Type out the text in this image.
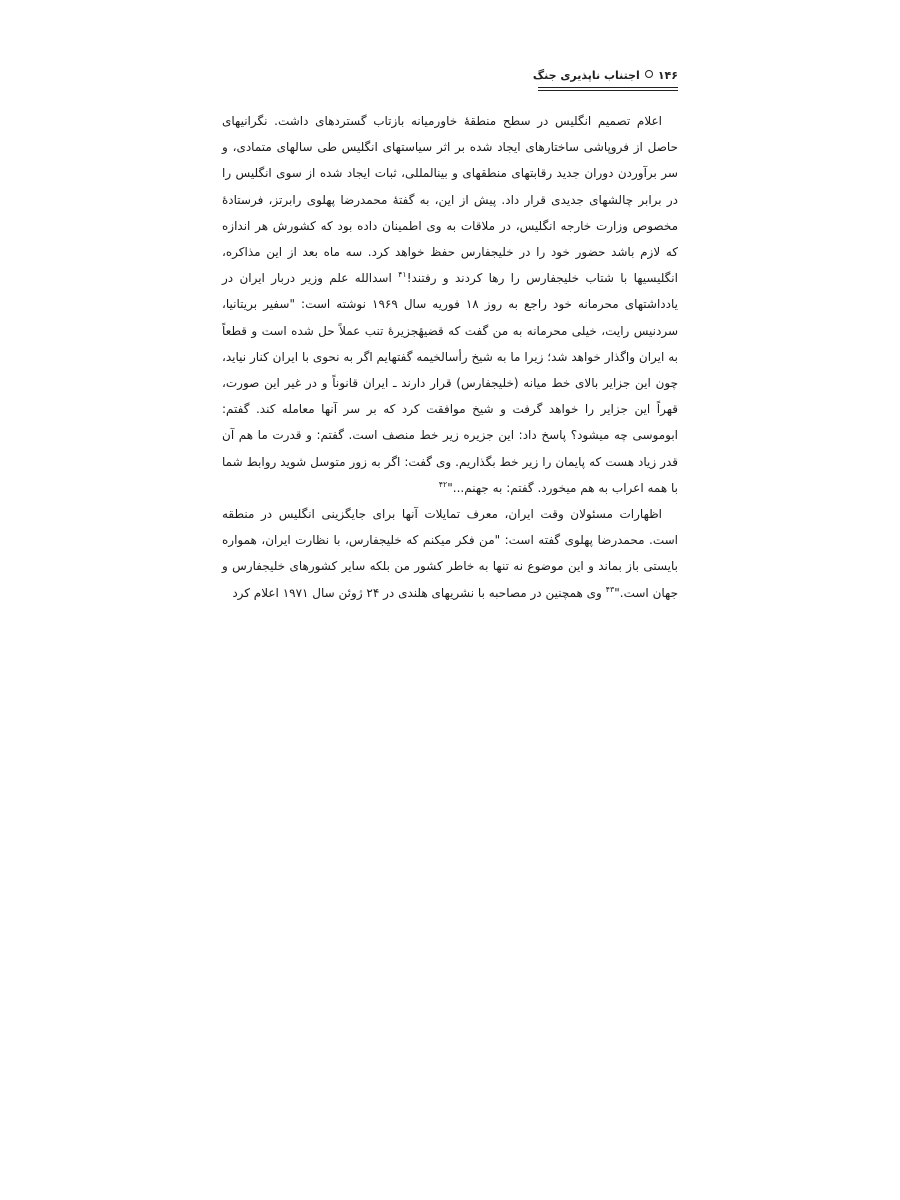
۱۴۶اجتناب ناپذیری جنگ

اعلام تصمیم انگلیس در سطح منطقهٔ خاورمیانه بازتاب گستردهای داشت. نگرانیهای حاصل از فروپاشی ساختارهای ایجاد شده بر اثر سیاستهای انگلیس طی سالهای متمادی، و سر برآوردن دوران جدید رقابتهای منطقهای و بینالمللی، ثبات ایجاد شده از سوی انگلیس را در برابر چالشهای جدیدی قرار داد. پیش از این، به گفتهٔ محمدرضا پهلوی رابرتز، فرستادهٔ مخصوص وزارت خارجه انگلیس، در ملاقات به وی اطمینان داده بود که کشورش هر اندازه که لازم باشد حضور خود را در خلیجفارس حفظ خواهد کرد. سه ماه بعد از این مذاکره، انگلیسیها با شتاب خلیجفارس را رها کردند و رفتند!$^{۴۱}$ اسدالله علم وزیر دربار ایران در یادداشتهای محرمانه خود راجع به روز ۱۸ فوریه سال ۱۹۶۹ نوشته است: "سفیر بریتانیا، سردنیس رایت، خیلی محرمانه به من گفت که قضیهٔجزیرهٔ تنب عملاً حل شده است و قطعاً به ایران واگذار خواهد شد؛ زیرا ما به شیخ رأسالخیمه گفتهایم اگر به نحوی با ایران کنار نیاید، چون این جزایر بالای خط میانه (خلیجفارس) قرار دارند ـ ایران قانوناً و در غیر این صورت، قهراً این جزایر را خواهد گرفت و شیخ موافقت کرد که بر سر آنها معامله کند. گفتم: ابوموسی چه میشود؟ پاسخ داد: این جزیره زیر خط منصف است. گفتم: و قدرت ما هم آن قدر زیاد هست که پایمان را زیر خط بگذاریم. وی گفت: اگر به زور متوسل شوید روابط شما با همه اعراب به هم میخورد. گفتم: به جهنم..."$^{۴۲}$

اظهارات مسئولان وقت ایران، معرف تمایلات آنها برای جایگزینی انگلیس در منطقه است. محمدرضا پهلوی گفته است: "من فکر میکنم که خلیجفارس، با نظارت ایران، همواره بایستی باز بماند و این موضوع نه تنها به خاطر کشور من بلکه سایر کشورهای خلیجفارس و جهان است."$^{۴۳}$ وی همچنین در مصاحبه با نشریهای هلندی در ۲۴ ژوئن سال ۱۹۷۱ اعلام کرد
